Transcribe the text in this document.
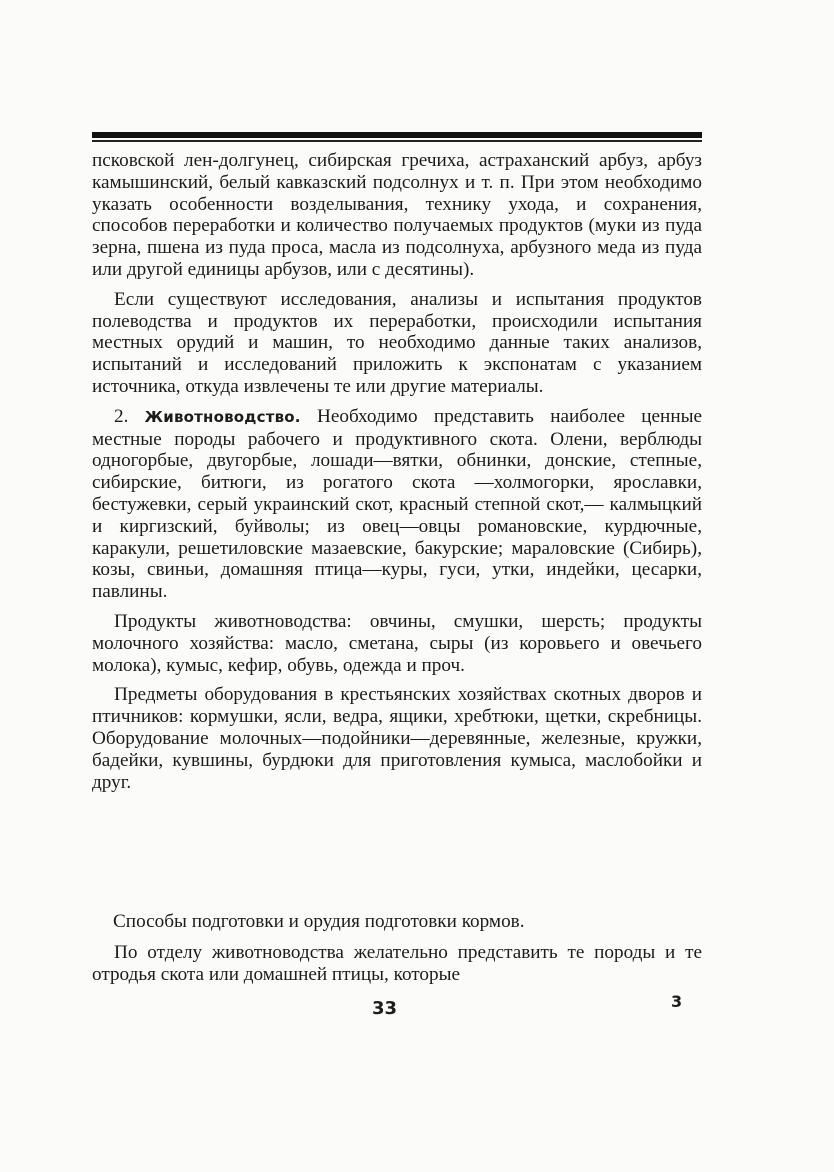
псковской лен-долгунец, сибирская гречиха, астраханский арбуз, арбуз камышинский, белый кавказский подсолнух и т. п. При этом необходимо указать особенности возделывания, технику ухода, и сохранения, способов переработки и количество получаемых продуктов (муки из пуда зерна, пшена из пуда проса, масла из подсолнуха, арбузного меда из пуда или другой единицы арбузов, или с десятины).

Если существуют исследования, анализы и испытания продуктов полеводства и продуктов их переработки, происходили испытания местных орудий и машин, то необходимо данные таких анализов, испытаний и исследований приложить к экспонатам с указанием источника, откуда извлечены те или другие материалы.

2. Животноводство. Необходимо представить наиболее ценные местные породы рабочего и продуктивного скота. Олени, верблюды одногорбые, двугорбые, лошади—вятки, обнинки, донские, степные, сибирские, битюги, из рогатого скота —холмогорки, ярославки, бестужевки, серый украинский скот, красный степной скот,— калмыцкий и киргизский, буйволы; из овец—овцы романовские, курдючные, каракули, решетиловские мазаевские, бакурские; мараловские (Сибирь), козы, свиньи, домашняя птица—куры, гуси, утки, индейки, цесарки, павлины.

Продукты животноводства: овчины, смушки, шерсть; продукты молочного хозяйства: масло, сметана, сыры (из коровьего и овечьего молока), кумыс, кефир, обувь, одежда и проч.

Предметы оборудования в крестьянских хозяйствах скотных дворов и птичников: кормушки, ясли, ведра, ящики, хребтюки, щетки, скребницы. Оборудование молочных—подойники—деревянные, железные, кружки, бадейки, кувшины, бурдюки для приготовления кумыса, маслобойки и друг.

Способы подготовки и орудия подготовки кормов.

По отделу животноводства желательно представить те породы и те отродья скота или домашней птицы, которые

33	3
